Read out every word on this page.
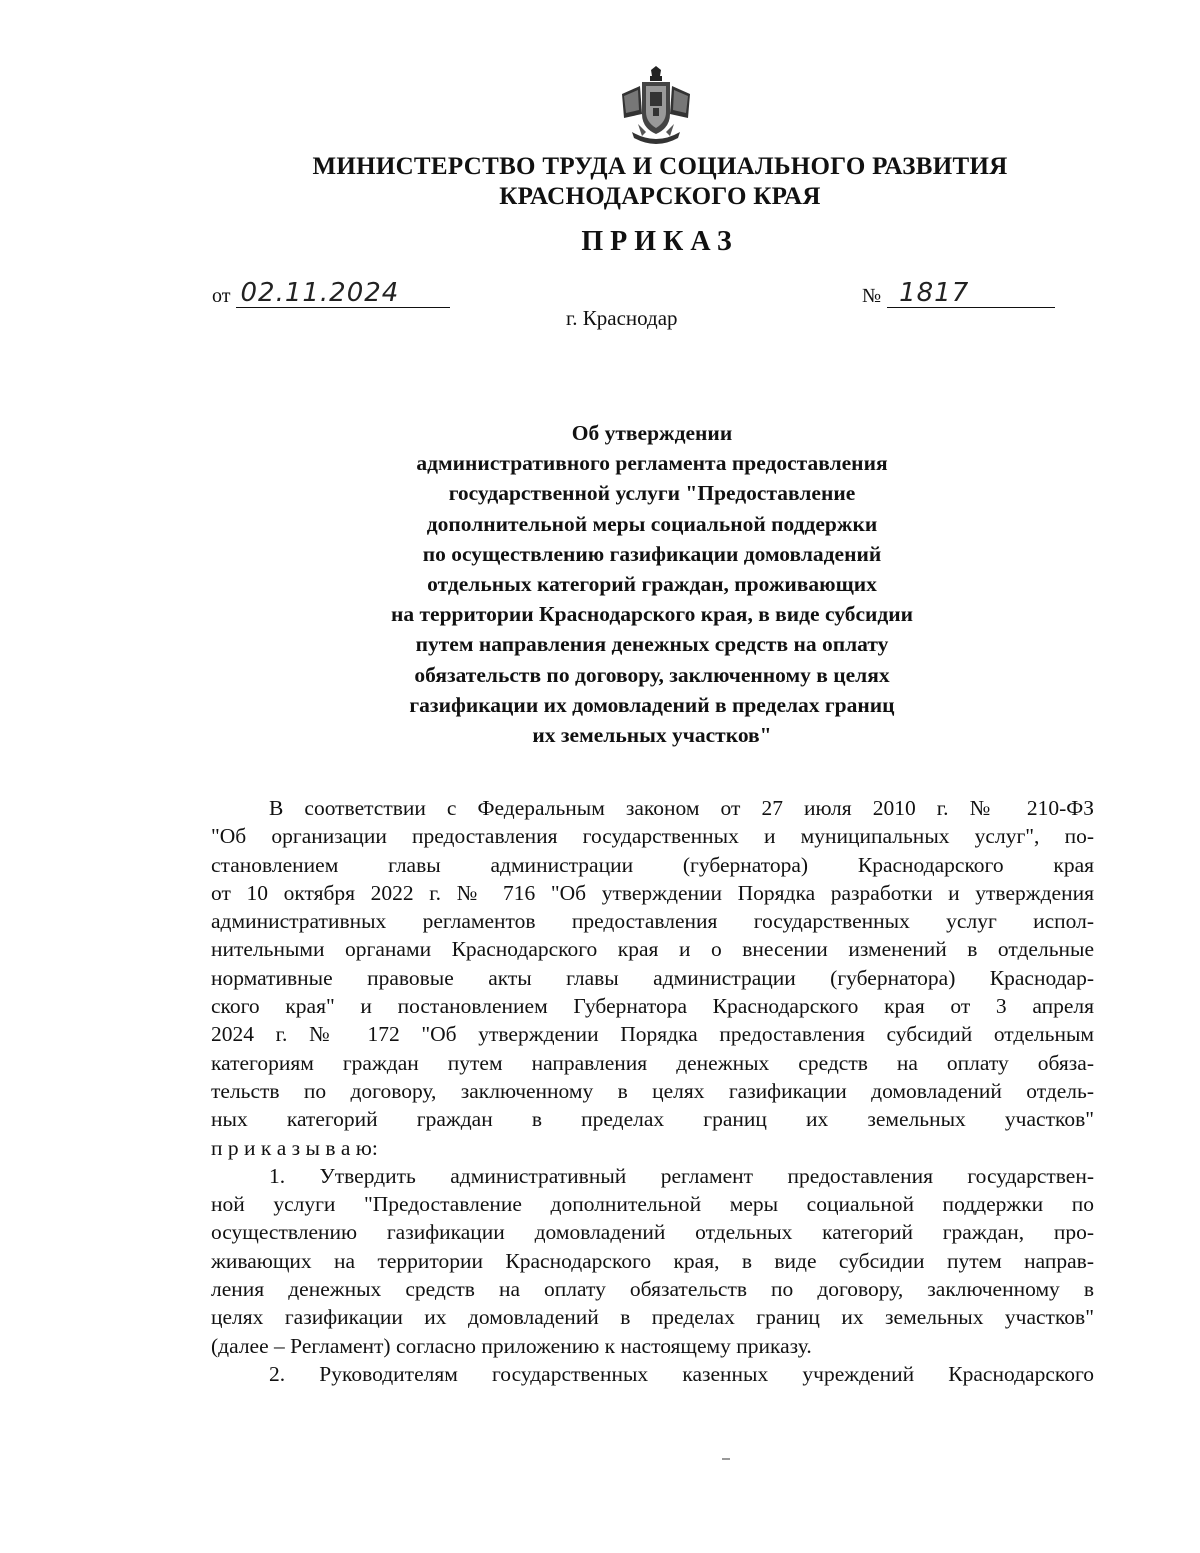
МИНИСТЕРСТВО ТРУДА И СОЦИАЛЬНОГО РАЗВИТИЯ
КРАСНОДАРСКОГО КРАЯ
ПРИКАЗ
от 02.11.2024	№ 1817
г. Краснодар
Об утверждении
административного регламента предоставления
государственной услуги "Предоставление
дополнительной меры социальной поддержки
по осуществлению газификации домовладений
отдельных категорий граждан, проживающих
на территории Краснодарского края, в виде субсидии
путем направления денежных средств на оплату
обязательств по договору, заключенному в целях
газификации их домовладений в пределах границ
их земельных участков"
В соответствии с Федеральным законом от 27 июля 2010 г. № 210-ФЗ
"Об организации предоставления государственных и муниципальных услуг", по-
становлением главы администрации (губернатора) Краснодарского края
от 10 октября 2022 г. № 716 "Об утверждении Порядка разработки и утверждения
административных регламентов предоставления государственных услуг испол-
нительными органами Краснодарского края и о внесении изменений в отдельные
нормативные правовые акты главы администрации (губернатора) Краснодар-
ского края" и постановлением Губернатора Краснодарского края от 3 апреля
2024 г. № 172 "Об утверждении Порядка предоставления субсидий отдельным
категориям граждан путем направления денежных средств на оплату обяза-
тельств по договору, заключенному в целях газификации домовладений отдель-
ных категорий граждан в пределах границ их земельных участков"
п р и к а з ы в а ю:
1. Утвердить административный регламент предоставления государствен-
ной услуги "Предоставление дополнительной меры социальной поддержки по
осуществлению газификации домовладений отдельных категорий граждан, про-
живающих на территории Краснодарского края, в виде субсидии путем направ-
ления денежных средств на оплату обязательств по договору, заключенному в
целях газификации их домовладений в пределах границ их земельных участков"
(далее – Регламент) согласно приложению к настоящему приказу.
2. Руководителям государственных казенных учреждений Краснодарского
